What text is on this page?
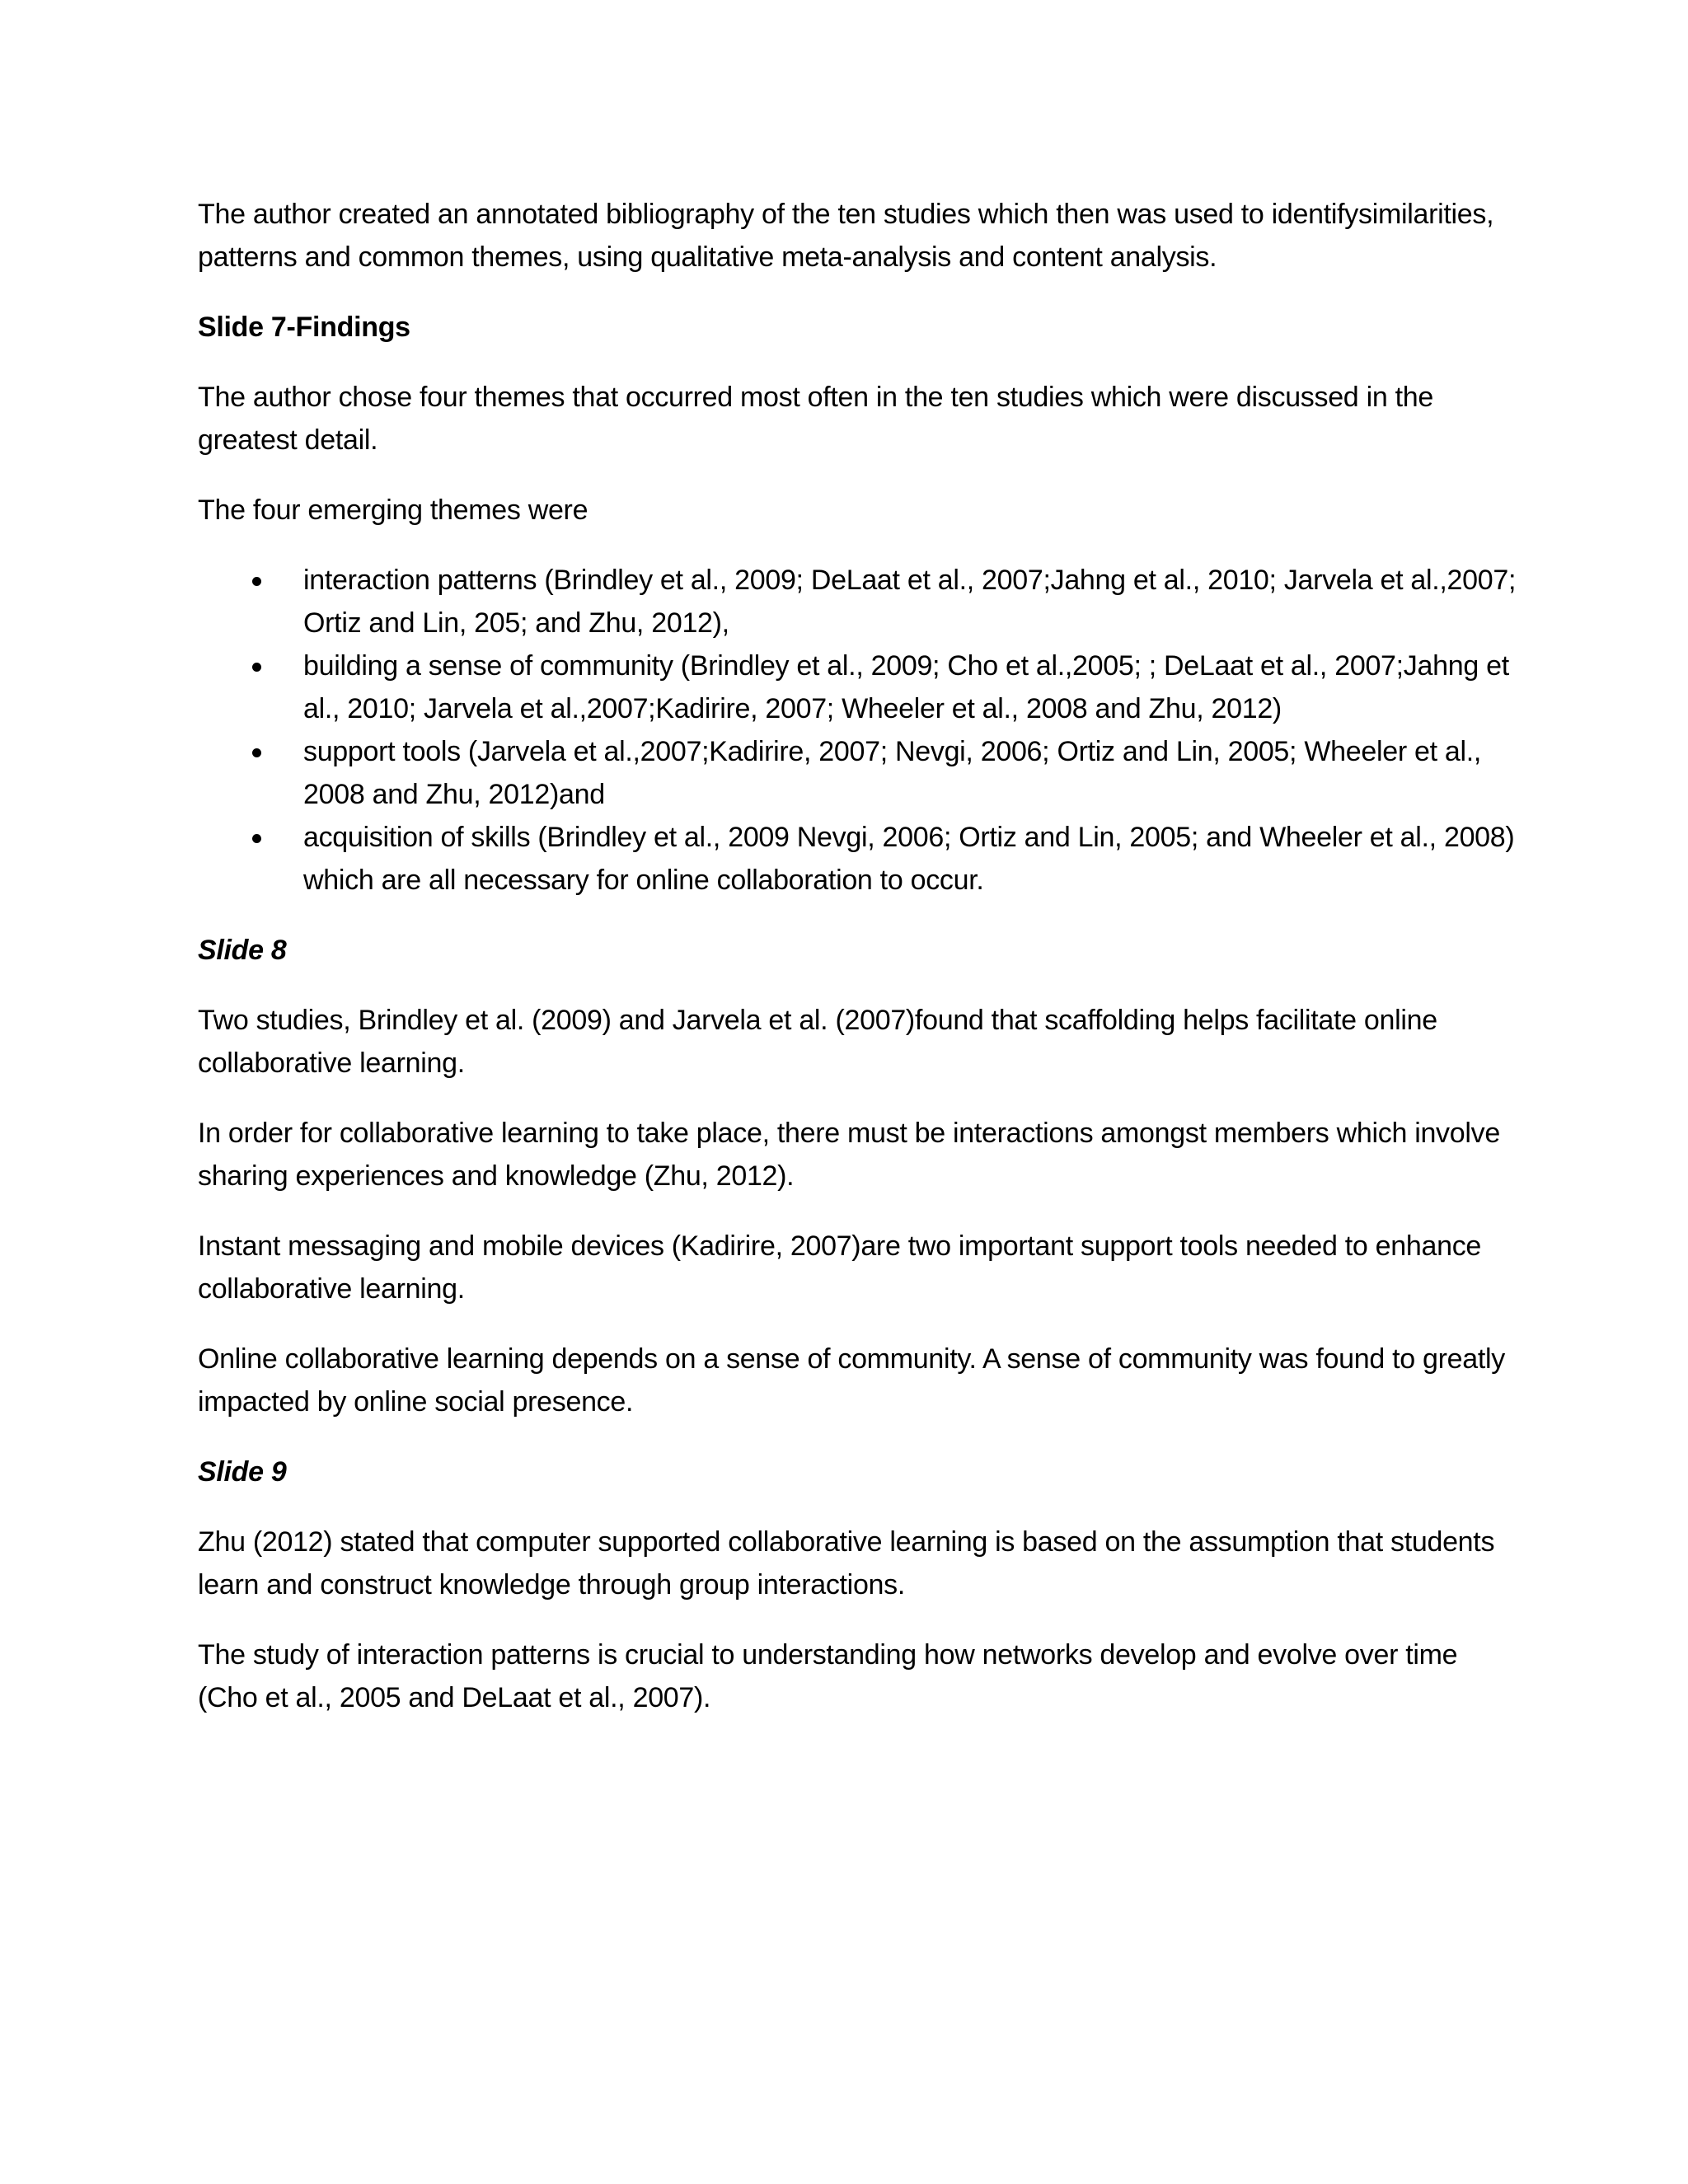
The author created an annotated bibliography of the ten studies which then was used to identifysimilarities, patterns and common themes, using qualitative meta-analysis and content analysis.

Slide 7-Findings

The author chose four themes that occurred most often in the ten studies which were discussed in the greatest detail.

The four emerging themes were

interaction patterns (Brindley et al., 2009; DeLaat et al., 2007;Jahng et al., 2010; Jarvela et al.,2007; Ortiz and Lin, 205; and Zhu, 2012),
building a sense of community (Brindley et al., 2009; Cho et al.,2005; ; DeLaat et al., 2007;Jahng et al., 2010; Jarvela et al.,2007;Kadirire, 2007; Wheeler et al., 2008 and Zhu, 2012)
support tools (Jarvela et al.,2007;Kadirire, 2007; Nevgi, 2006; Ortiz and Lin, 2005; Wheeler et al., 2008 and Zhu, 2012)and
acquisition of skills (Brindley et al., 2009 Nevgi, 2006; Ortiz and Lin, 2005; and Wheeler et al., 2008)
which are all necessary for online collaboration to occur.

Slide 8

Two studies, Brindley et al. (2009) and Jarvela et al. (2007)found that scaffolding helps facilitate online collaborative learning.

In order for collaborative learning to take place, there must be interactions amongst members which involve sharing experiences and knowledge (Zhu, 2012).

Instant messaging and mobile devices (Kadirire, 2007)are two important support tools needed to enhance collaborative learning.

Online collaborative learning depends on a sense of community. A sense of community was found to greatly impacted by online social presence.

Slide 9

Zhu (2012) stated that computer supported collaborative learning is based on the assumption that students learn and construct knowledge through group interactions.

The study of interaction patterns is crucial to understanding how networks develop and evolve over time (Cho et al., 2005 and DeLaat et al., 2007).
